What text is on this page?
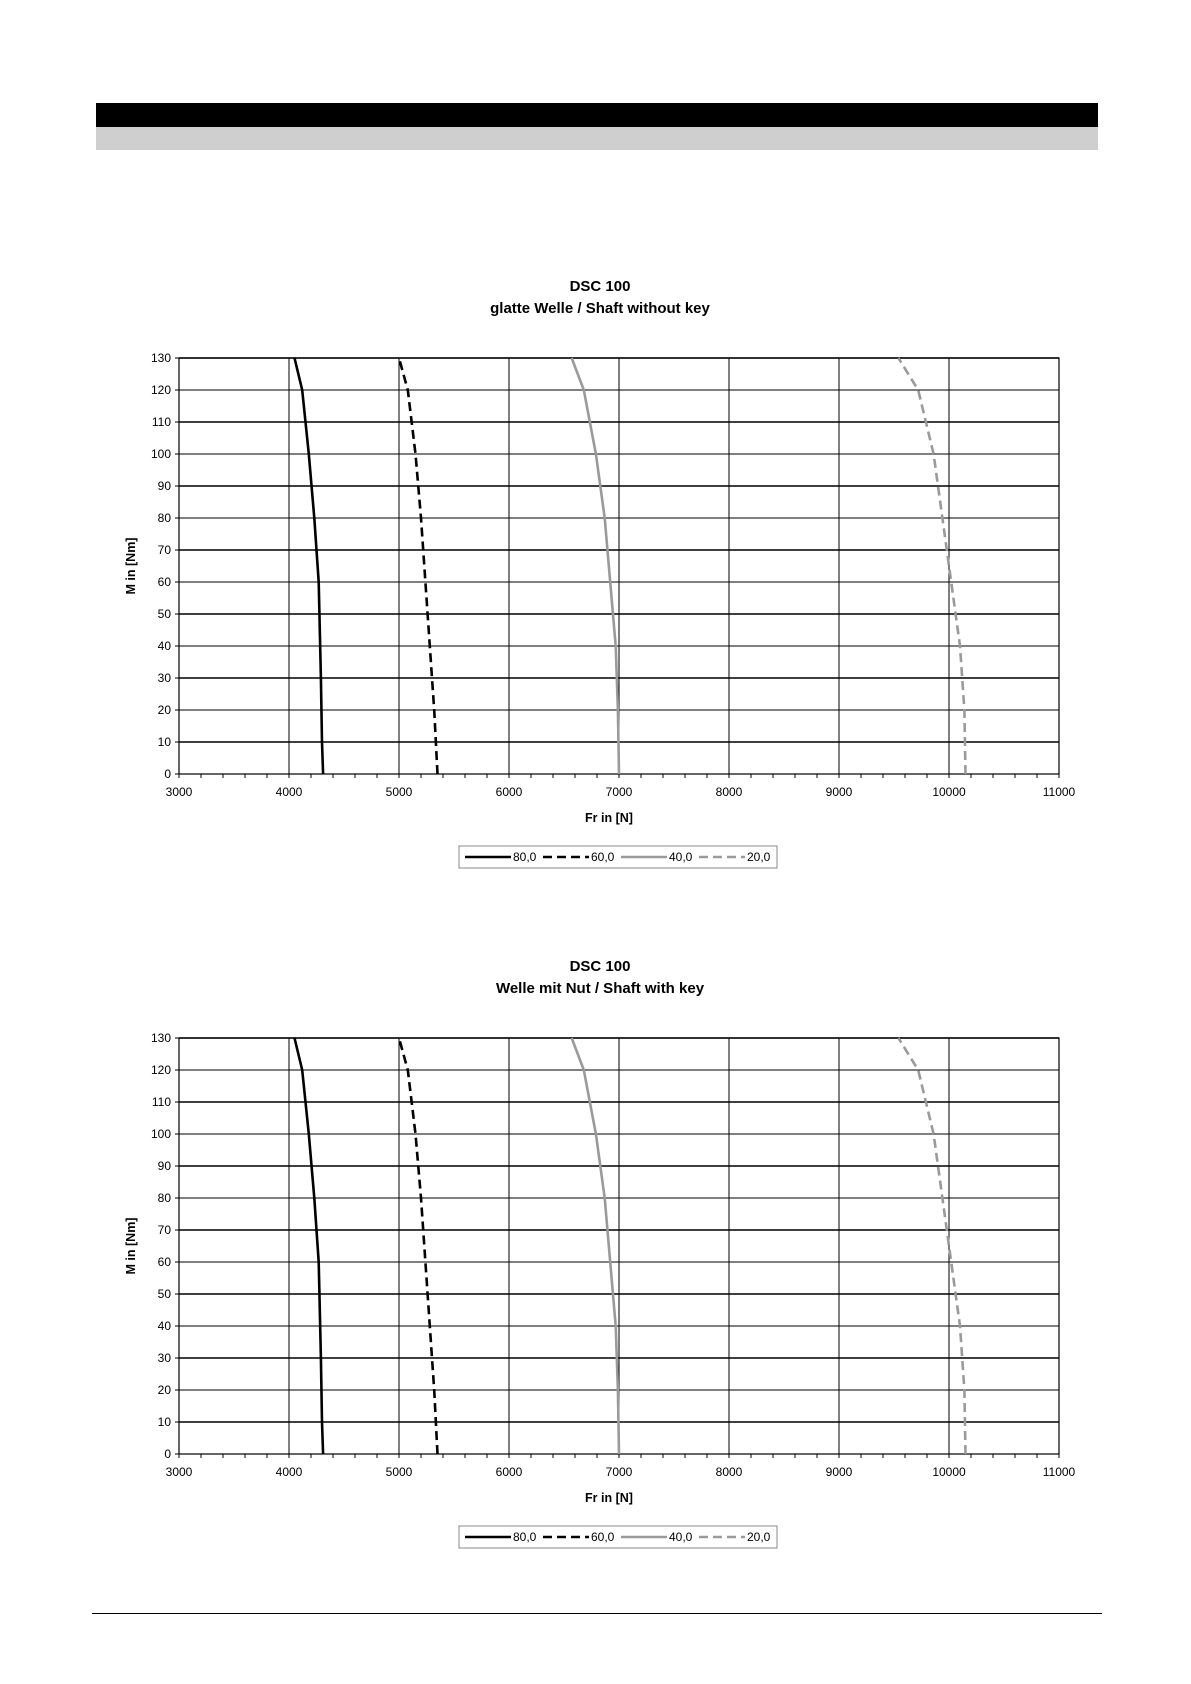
DSC 100
glatte Welle / Shaft without key
0
10
20
30
40
50
60
70
80
90
100
110
120
130
3000	4000	5000	6000	7000	8000	9000	10000	11000
Fr in [N]
M in [Nm]
80,0	60,0	40,0	20,0
DSC 100
Welle mit Nut / Shaft with key
0
10
20
30
40
50
60
70
80
90
100
110
120
130
3000	4000	5000	6000	7000	8000	9000	10000	11000
Fr in [N]
M in [Nm]
80,0	60,0	40,0	20,0
